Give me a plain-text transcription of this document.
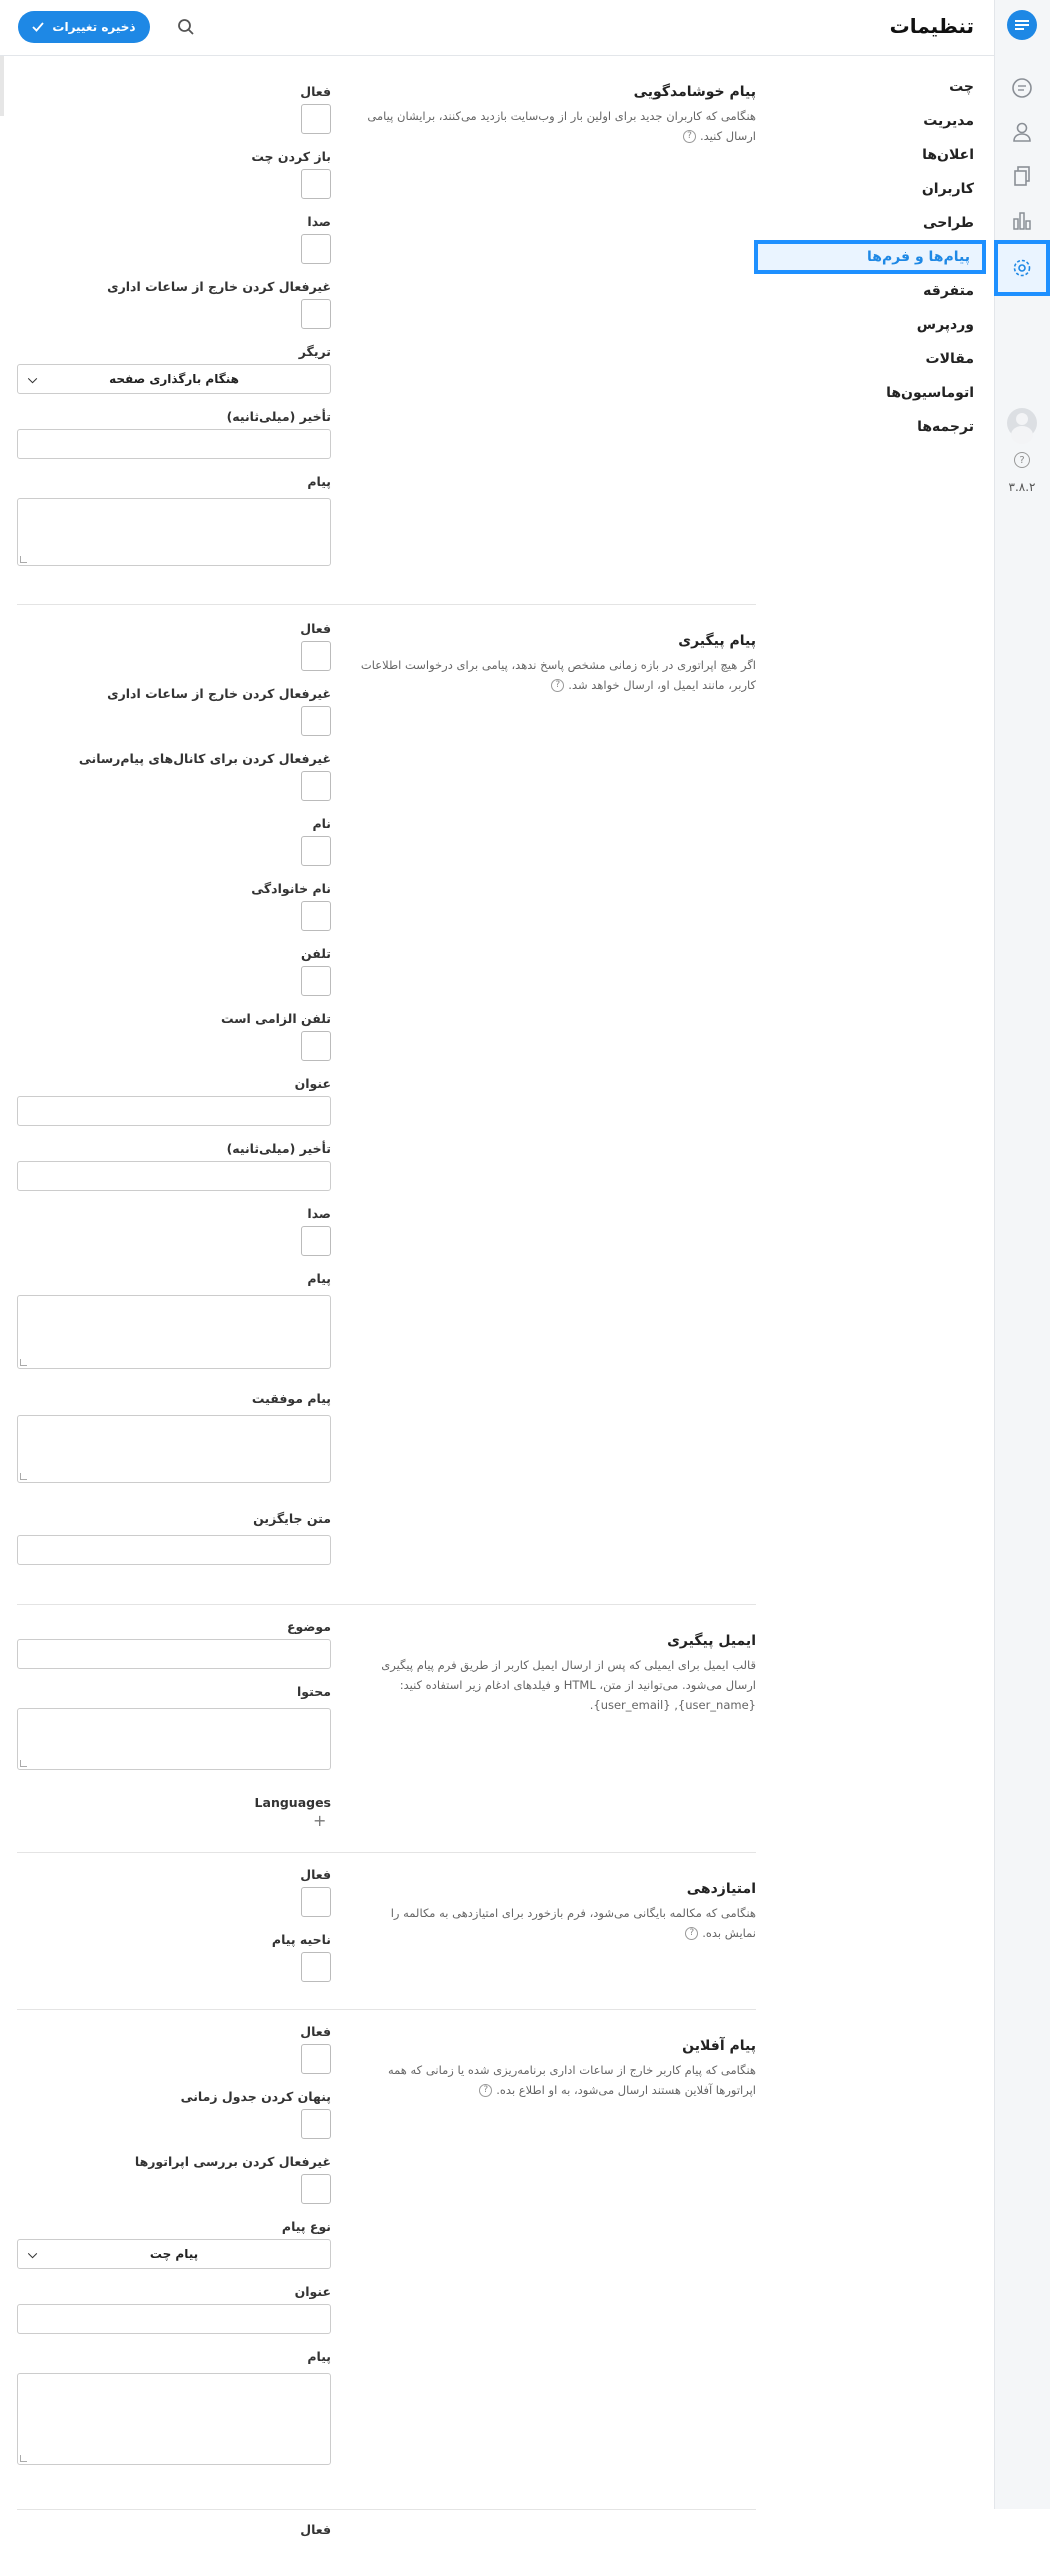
?
۳.۸.۲
تنظیمات
ذخیره تغییرات
چت
مدیریت
اعلان‌ها
کاربران
طراحی
پیام‌ها و فرم‌ها
متفرقه
وردپرس
مقالات
اتوماسیون‌ها
ترجمه‌ها
پیام خوشامدگویی
هنگامی که کاربران جدید برای اولین بار از وب‌سایت بازدید می‌کنند، برایشان پیامی ارسال کنید.?
فعال
باز کردن چت
صدا
غیرفعال کردن خارج از ساعات اداری
تریگر
هنگام بارگذاری صفحه
⌵
تأخیر (میلی‌ثانیه)
پیام
پیام پیگیری
اگر هیچ اپراتوری در بازه زمانی مشخص پاسخ ندهد، پیامی برای درخواست اطلاعات کاربر، مانند ایمیل او، ارسال خواهد شد.?
فعال
غیرفعال کردن خارج از ساعات اداری
غیرفعال کردن برای کانال‌های پیام‌رسانی
نام
نام خانوادگی
تلفن
تلفن الزامی است
عنوان
تأخیر (میلی‌ثانیه)
صدا
پیام
پیام موفقیت
متن جایگزین
ایمیل پیگیری
قالب ایمیل برای ایمیلی که پس از ارسال ایمیل کاربر از طریق فرم پیام پیگیری ارسال می‌شود. می‌توانید از متن، HTML و فیلدهای ادغام زیر استفاده کنید: {user_name}, {user_email}.
موضوع
محتوا
Languages
+
امتیازدهی
هنگامی که مکالمه بایگانی می‌شود، فرم بازخورد برای امتیازدهی به مکالمه را نمایش بده.?
فعال
ناحیه پیام
پیام آفلاین
هنگامی که پیام کاربر خارج از ساعات اداری برنامه‌ریزی شده یا زمانی که همه اپراتورها آفلاین هستند ارسال می‌شود، به او اطلاع بده.?
فعال
پنهان کردن جدول زمانی
غیرفعال کردن بررسی اپراتورها
نوع پیام
پیام چت
⌵
عنوان
پیام
فعال
